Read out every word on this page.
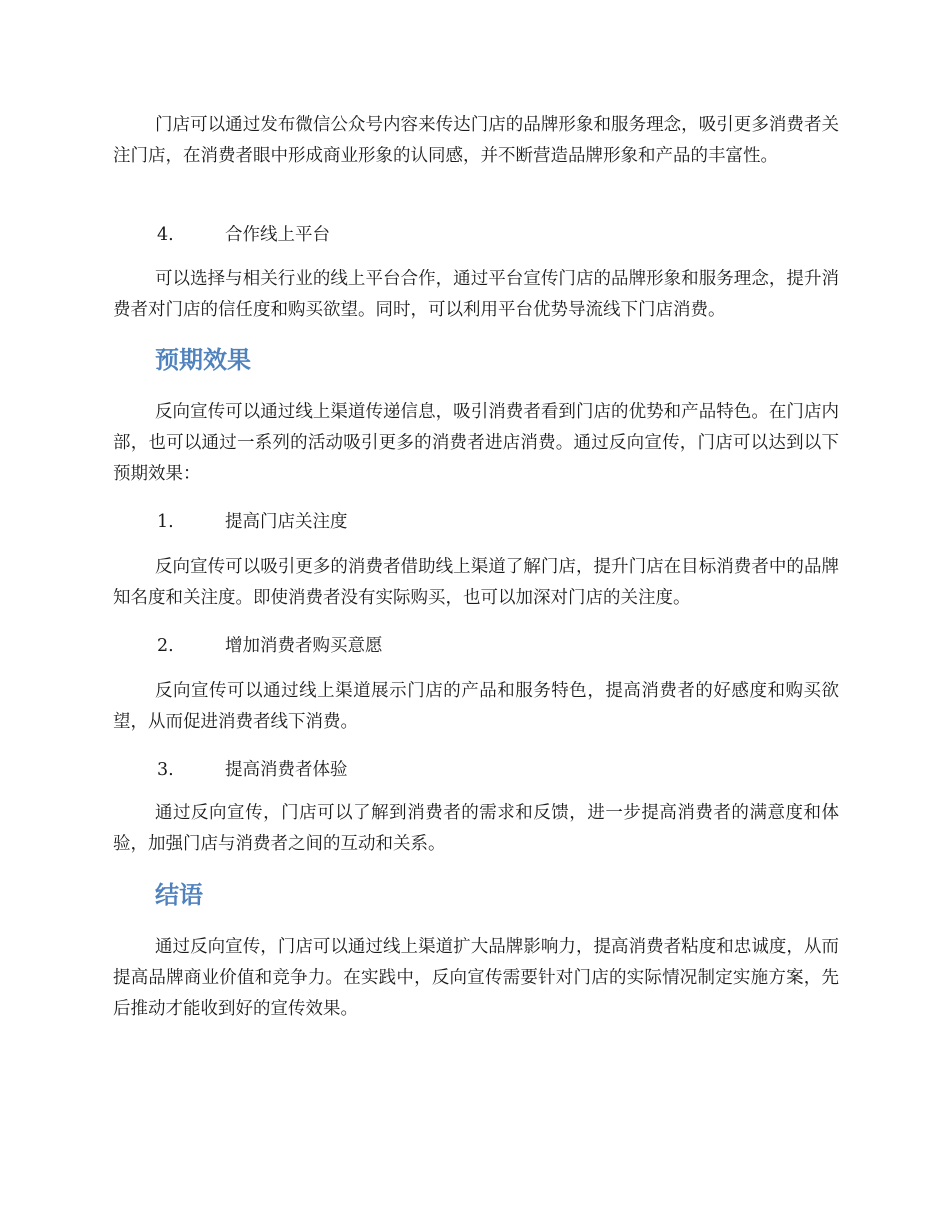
门店可以通过发布微信公众号内容来传达门店的品牌形象和服务理念，吸引更多消费者关注门店，在消费者眼中形成商业形象的认同感，并不断营造品牌形象和产品的丰富性。

4.	合作线上平台

可以选择与相关行业的线上平台合作，通过平台宣传门店的品牌形象和服务理念，提升消费者对门店的信任度和购买欲望。同时，可以利用平台优势导流线下门店消费。

预期效果

反向宣传可以通过线上渠道传递信息，吸引消费者看到门店的优势和产品特色。在门店内部，也可以通过一系列的活动吸引更多的消费者进店消费。通过反向宣传，门店可以达到以下预期效果：

1.	提高门店关注度

反向宣传可以吸引更多的消费者借助线上渠道了解门店，提升门店在目标消费者中的品牌知名度和关注度。即使消费者没有实际购买，也可以加深对门店的关注度。

2.	增加消费者购买意愿

反向宣传可以通过线上渠道展示门店的产品和服务特色，提高消费者的好感度和购买欲望，从而促进消费者线下消费。

3.	提高消费者体验

通过反向宣传，门店可以了解到消费者的需求和反馈，进一步提高消费者的满意度和体验，加强门店与消费者之间的互动和关系。

结语

通过反向宣传，门店可以通过线上渠道扩大品牌影响力，提高消费者粘度和忠诚度，从而提高品牌商业价值和竞争力。在实践中，反向宣传需要针对门店的实际情况制定实施方案，先后推动才能收到好的宣传效果。
